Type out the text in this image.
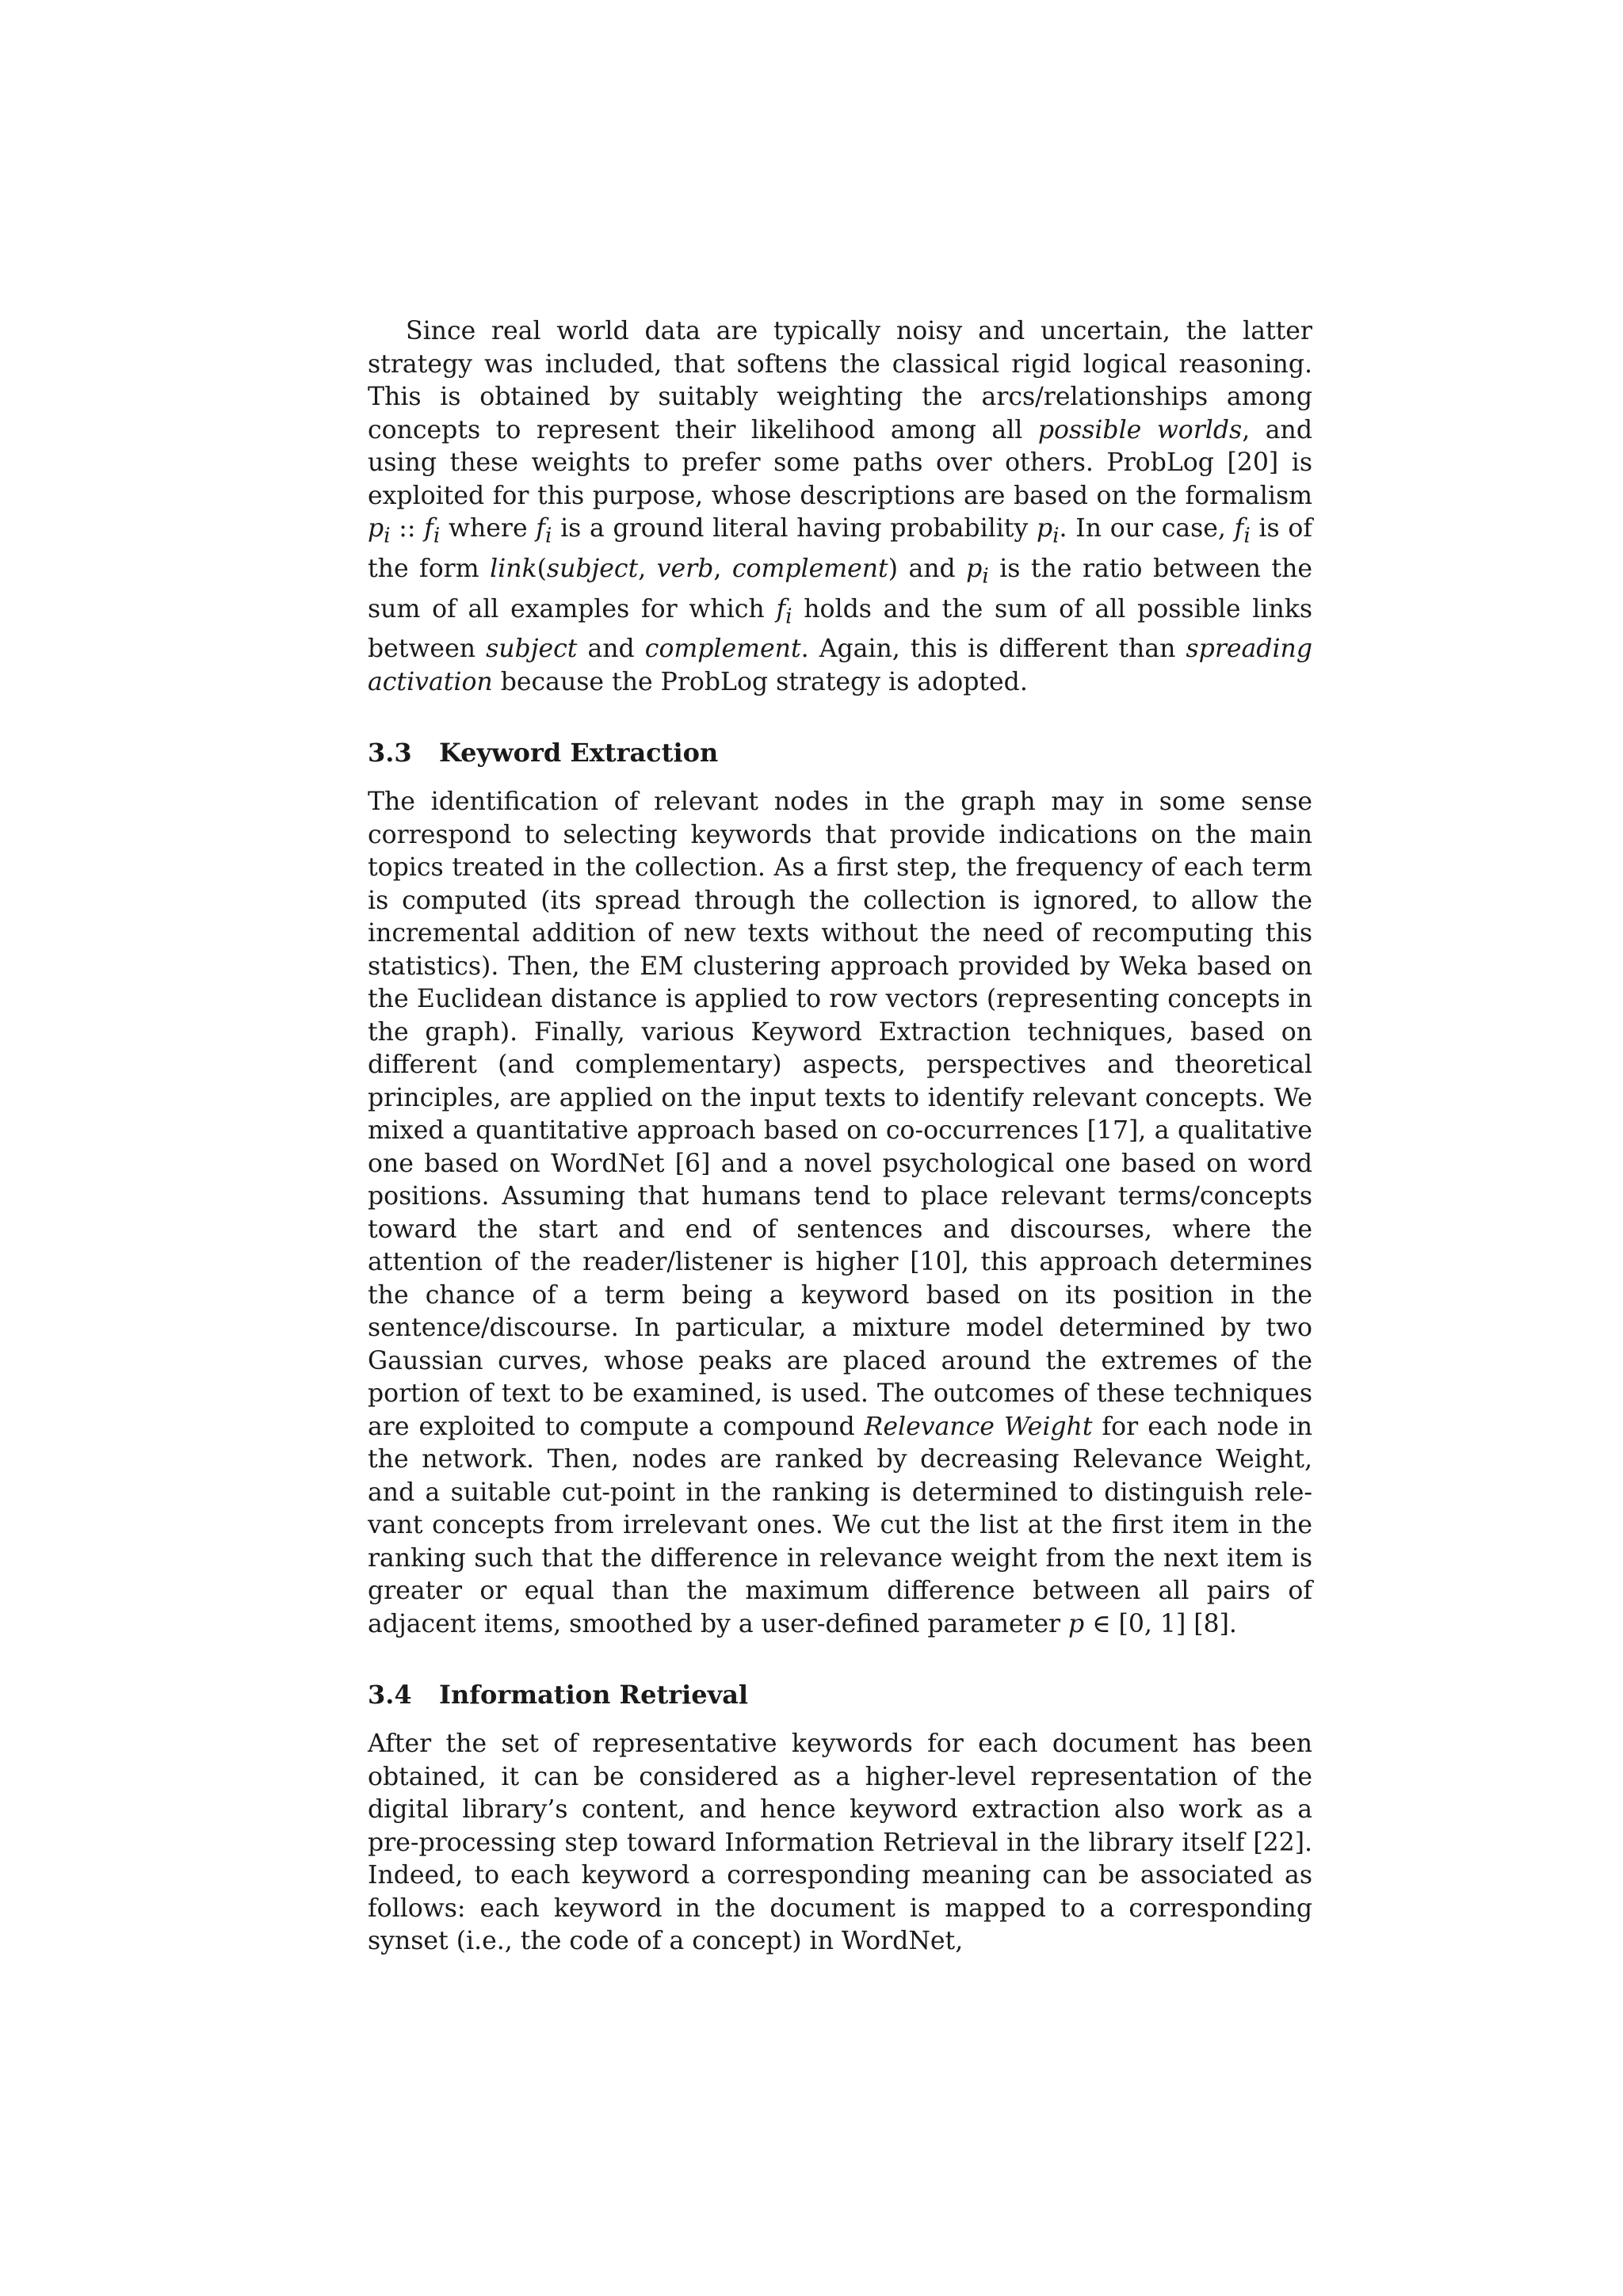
Since real world data are typically noisy and uncertain, the latter strategy was included, that softens the classical rigid logical reasoning. This is obtained by suitably weighting the arcs/relationships among concepts to represent their likelihood among all possible worlds, and using these weights to prefer some paths over others. ProbLog [20] is exploited for this purpose, whose descriptions are based on the formalism $p_i$ :: $f_i$ where $f_i$ is a ground literal having probability $p_i$. In our case, $f_i$ is of the form link(subject, verb, complement) and $p_i$ is the ratio between the sum of all examples for which $f_i$ holds and the sum of all possible links between subject and complement. Again, this is different than spreading activation because the ProbLog strategy is adopted.

3.3 Keyword Extraction

The identification of relevant nodes in the graph may in some sense correspond to selecting keywords that provide indications on the main topics treated in the collection. As a first step, the frequency of each term is computed (its spread through the collection is ignored, to allow the incremental addition of new texts without the need of recomputing this statistics). Then, the EM clustering approach provided by Weka based on the Euclidean distance is applied to row vectors (representing concepts in the graph). Finally, various Keyword Extraction techniques, based on different (and complementary) aspects, perspectives and theoretical principles, are applied on the input texts to identify relevant concepts. We mixed a quantitative approach based on co-occurrences [17], a qualitative one based on WordNet [6] and a novel psychological one based on word positions. Assuming that humans tend to place relevant terms/concepts toward the start and end of sentences and discourses, where the attention of the reader/listener is higher [10], this approach determines the chance of a term being a keyword based on its position in the sentence/discourse. In particular, a mixture model determined by two Gaussian curves, whose peaks are placed around the extremes of the portion of text to be examined, is used. The outcomes of these techniques are exploited to compute a compound Relevance Weight for each node in the network. Then, nodes are ranked by decreasing Relevance Weight, and a suitable cut-point in the ranking is determined to distinguish relevant concepts from irrelevant ones. We cut the list at the first item in the ranking such that the difference in relevance weight from the next item is greater or equal than the maximum difference between all pairs of adjacent items, smoothed by a user-defined parameter p ∈ [0, 1] [8].

3.4 Information Retrieval

After the set of representative keywords for each document has been obtained, it can be considered as a higher-level representation of the digital library’s content, and hence keyword extraction also work as a pre-processing step toward Information Retrieval in the library itself [22]. Indeed, to each keyword a corresponding meaning can be associated as follows: each keyword in the document is mapped to a corresponding synset (i.e., the code of a concept) in WordNet,
